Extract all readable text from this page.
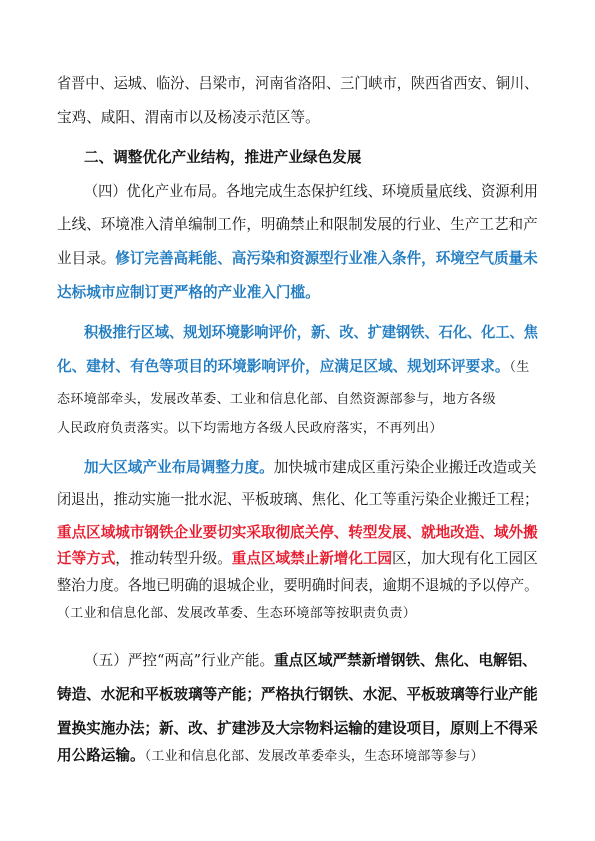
省晋中、运城、临汾、吕梁市，河南省洛阳、三门峡市，陕西省西安、铜川、
宝鸡、咸阳、渭南市以及杨凌示范区等。
二、调整优化产业结构，推进产业绿色发展
（四）优化产业布局。各地完成生态保护红线、环境质量底线、资源利用
上线、环境准入清单编制工作，明确禁止和限制发展的行业、生产工艺和产
业目录。修订完善高耗能、高污染和资源型行业准入条件，环境空气质量未
达标城市应制订更严格的产业准入门槛。
积极推行区域、规划环境影响评价，新、改、扩建钢铁、石化、化工、焦
化、建材、有色等项目的环境影响评价，应满足区域、规划环评要求。（生
态环境部牵头，发展改革委、工业和信息化部、自然资源部参与，地方各级
人民政府负责落实。以下均需地方各级人民政府落实，不再列出）
加大区域产业布局调整力度。加快城市建成区重污染企业搬迁改造或关
闭退出，推动实施一批水泥、平板玻璃、焦化、化工等重污染企业搬迁工程；
重点区域城市钢铁企业要切实采取彻底关停、转型发展、就地改造、域外搬
迁等方式，推动转型升级。重点区域禁止新增化工园区，加大现有化工园区
整治力度。各地已明确的退城企业，要明确时间表，逾期不退城的予以停产。
（工业和信息化部、发展改革委、生态环境部等按职责负责）
（五）严控“两高”行业产能。重点区域严禁新增钢铁、焦化、电解铝、
铸造、水泥和平板玻璃等产能；严格执行钢铁、水泥、平板玻璃等行业产能
置换实施办法；新、改、扩建涉及大宗物料运输的建设项目，原则上不得采
用公路运输。（工业和信息化部、发展改革委牵头，生态环境部等参与）
